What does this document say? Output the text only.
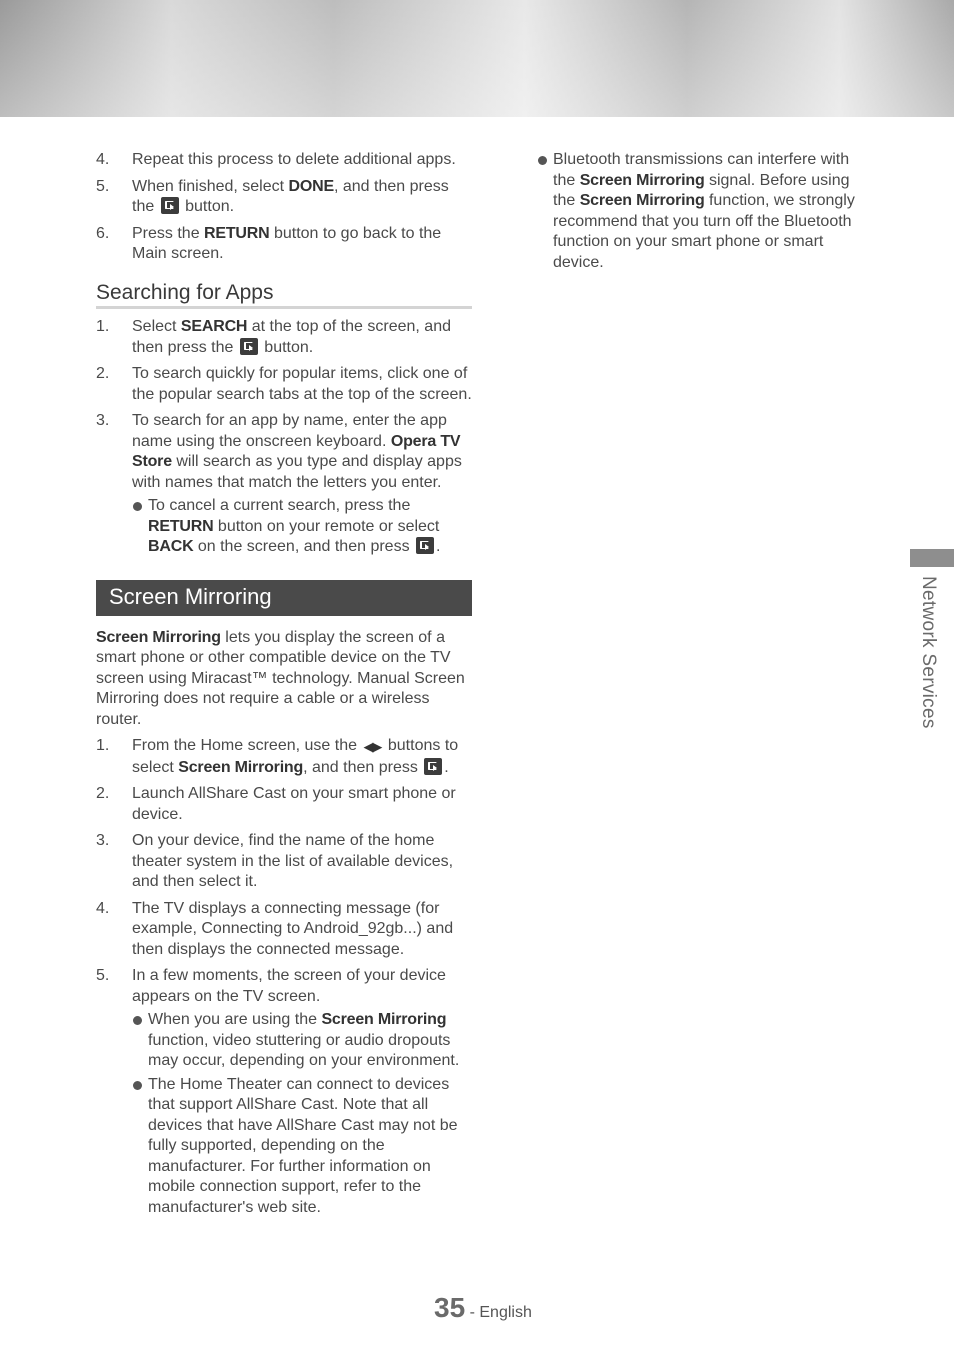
4. Repeat this process to delete additional apps.
5. When finished, select DONE, and then press the  button.
6. Press the RETURN button to go back to the Main screen.
Searching for Apps
1. Select SEARCH at the top of the screen, and then press the  button.
2. To search quickly for popular items, click one of the popular search tabs at the top of the screen.
3. To search for an app by name, enter the app name using the onscreen keyboard. Opera TV Store will search as you type and display apps with names that match the letters you enter.
To cancel a current search, press the RETURN button on your remote or select BACK on the screen, and then press .
Screen Mirroring
Screen Mirroring lets you display the screen of a smart phone or other compatible device on the TV screen using Miracast™ technology. Manual Screen Mirroring does not require a cable or a wireless router.
1. From the Home screen, use the ◀▶ buttons to select Screen Mirroring, and then press .
2. Launch AllShare Cast on your smart phone or device.
3. On your device, find the name of the home theater system in the list of available devices, and then select it.
4. The TV displays a connecting message (for example, Connecting to Android_92gb...) and then displays the connected message.
5. In a few moments, the screen of your device appears on the TV screen.
When you are using the Screen Mirroring function, video stuttering or audio dropouts may occur, depending on your environment.
The Home Theater can connect to devices that support AllShare Cast. Note that all devices that have AllShare Cast may not be fully supported, depending on the manufacturer. For further information on mobile connection support, refer to the manufacturer's web site.
Bluetooth transmissions can interfere with the Screen Mirroring signal. Before using the Screen Mirroring function, we strongly recommend that you turn off the Bluetooth function on your smart phone or smart device.
Network Services
35 - English
